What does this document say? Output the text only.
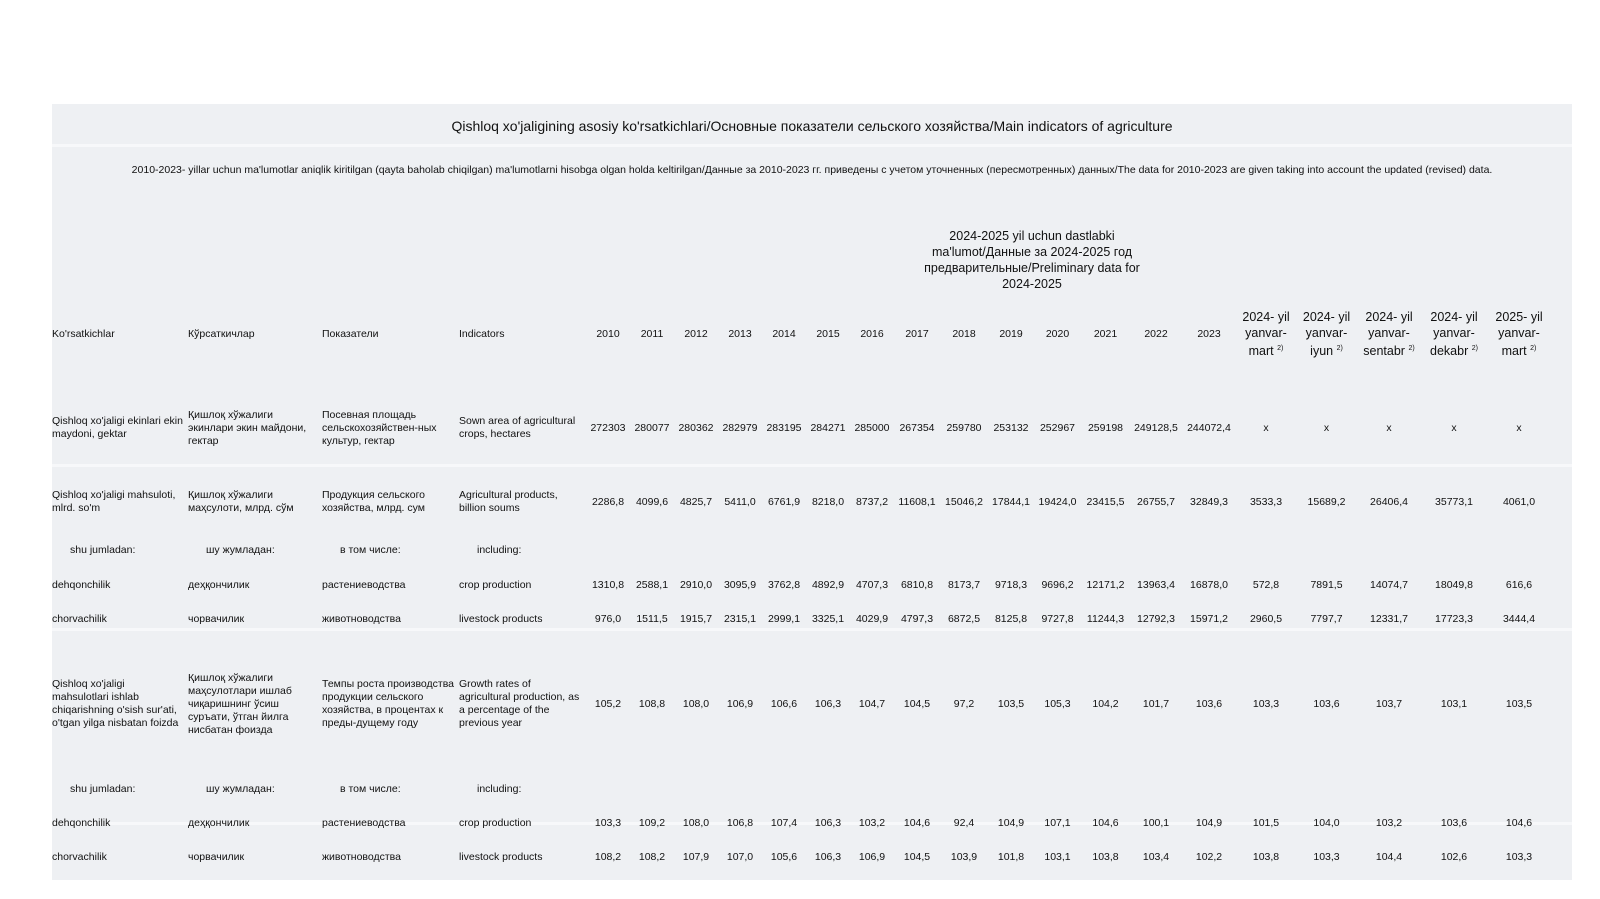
Qishloq xo'jaligining asosiy ko'rsatkichlari/Основные показатели сельского хозяйства/Main indicators of agriculture
2010-2023- yillar uchun ma'lumotlar aniqlik kiritilgan (qayta baholab chiqilgan) ma'lumotlarni hisobga olgan holda keltirilgan/Данные за 2010-2023 гг. приведены с учетом уточненных (пересмотренных) данных/The data for 2010-2023 are given taking into account the updated (revised) data.
2024-2025 yil uchun dastlabki ma'lumot/Данные за 2024-2025 год предварительные/Preliminary data for 2024-2025

Ko'rsatkichlar	Кўрсаткичлар	Показатели	Indicators	2010	2011	2012	2013	2014	2015	2016	2017	2018	2019	2020	2021	2022	2023	2024- yil yanvar-mart $^{2)}$	2024- yil yanvar-iyun $^{2)}$	2024- yil yanvar-sentabr $^{2)}$	2024- yil yanvar-dekabr $^{2)}$	2025- yil yanvar-mart $^{2)}$
Qishloq xo'jaligi ekinlari ekin maydoni, gektar	Қишлоқ хўжалиги экинлари экин майдони, гектар	Посевная площадь сельскохозяйствен-ных культур, гектар	Sown area of agricultural crops, hectares	272303	280077	280362	282979	283195	284271	285000	267354	259780	253132	252967	259198	249128,5	244072,4	x	x	x	x	x
Qishloq xo'jaligi mahsuloti, mlrd. so'm	Қишлоқ хўжалиги маҳсулоти, млрд. сўм	Продукция сельского хозяйства, млрд. сум	Agricultural products, billion soums	2286,8	4099,6	4825,7	5411,0	6761,9	8218,0	8737,2	11608,1	15046,2	17844,1	19424,0	23415,5	26755,7	32849,3	3533,3	15689,2	26406,4	35773,1	4061,0
shu jumladan:	шу жумладан:	в том числе:	including:																			
dehqonchilik	деҳқончилик	растениеводства	crop production	1310,8	2588,1	2910,0	3095,9	3762,8	4892,9	4707,3	6810,8	8173,7	9718,3	9696,2	12171,2	13963,4	16878,0	572,8	7891,5	14074,7	18049,8	616,6
chorvachilik	чорвачилик	животноводства	livestock products	976,0	1511,5	1915,7	2315,1	2999,1	3325,1	4029,9	4797,3	6872,5	8125,8	9727,8	11244,3	12792,3	15971,2	2960,5	7797,7	12331,7	17723,3	3444,4
Qishloq xo'jaligi mahsulotlari ishlab chiqarishning o'sish sur'ati, o'tgan yilga nisbatan foizda	Қишлоқ хўжалиги маҳсулотлари ишлаб чиқаришнинг ўсиш суръати, ўтган йилга нисбатан фоизда	Темпы роста производства продукции сельского хозяйства, в процентах к преды-дущему году	Growth rates of agricultural production, as a percentage of the previous year	105,2	108,8	108,0	106,9	106,6	106,3	104,7	104,5	97,2	103,5	105,3	104,2	101,7	103,6	103,3	103,6	103,7	103,1	103,5
shu jumladan:	шу жумладан:	в том числе:	including:																			
dehqonchilik	деҳқончилик	растениеводства	crop production	103,3	109,2	108,0	106,8	107,4	106,3	103,2	104,6	92,4	104,9	107,1	104,6	100,1	104,9	101,5	104,0	103,2	103,6	104,6
chorvachilik	чорвачилик	животноводства	livestock products	108,2	108,2	107,9	107,0	105,6	106,3	106,9	104,5	103,9	101,8	103,1	103,8	103,4	102,2	103,8	103,3	104,4	102,6	103,3
